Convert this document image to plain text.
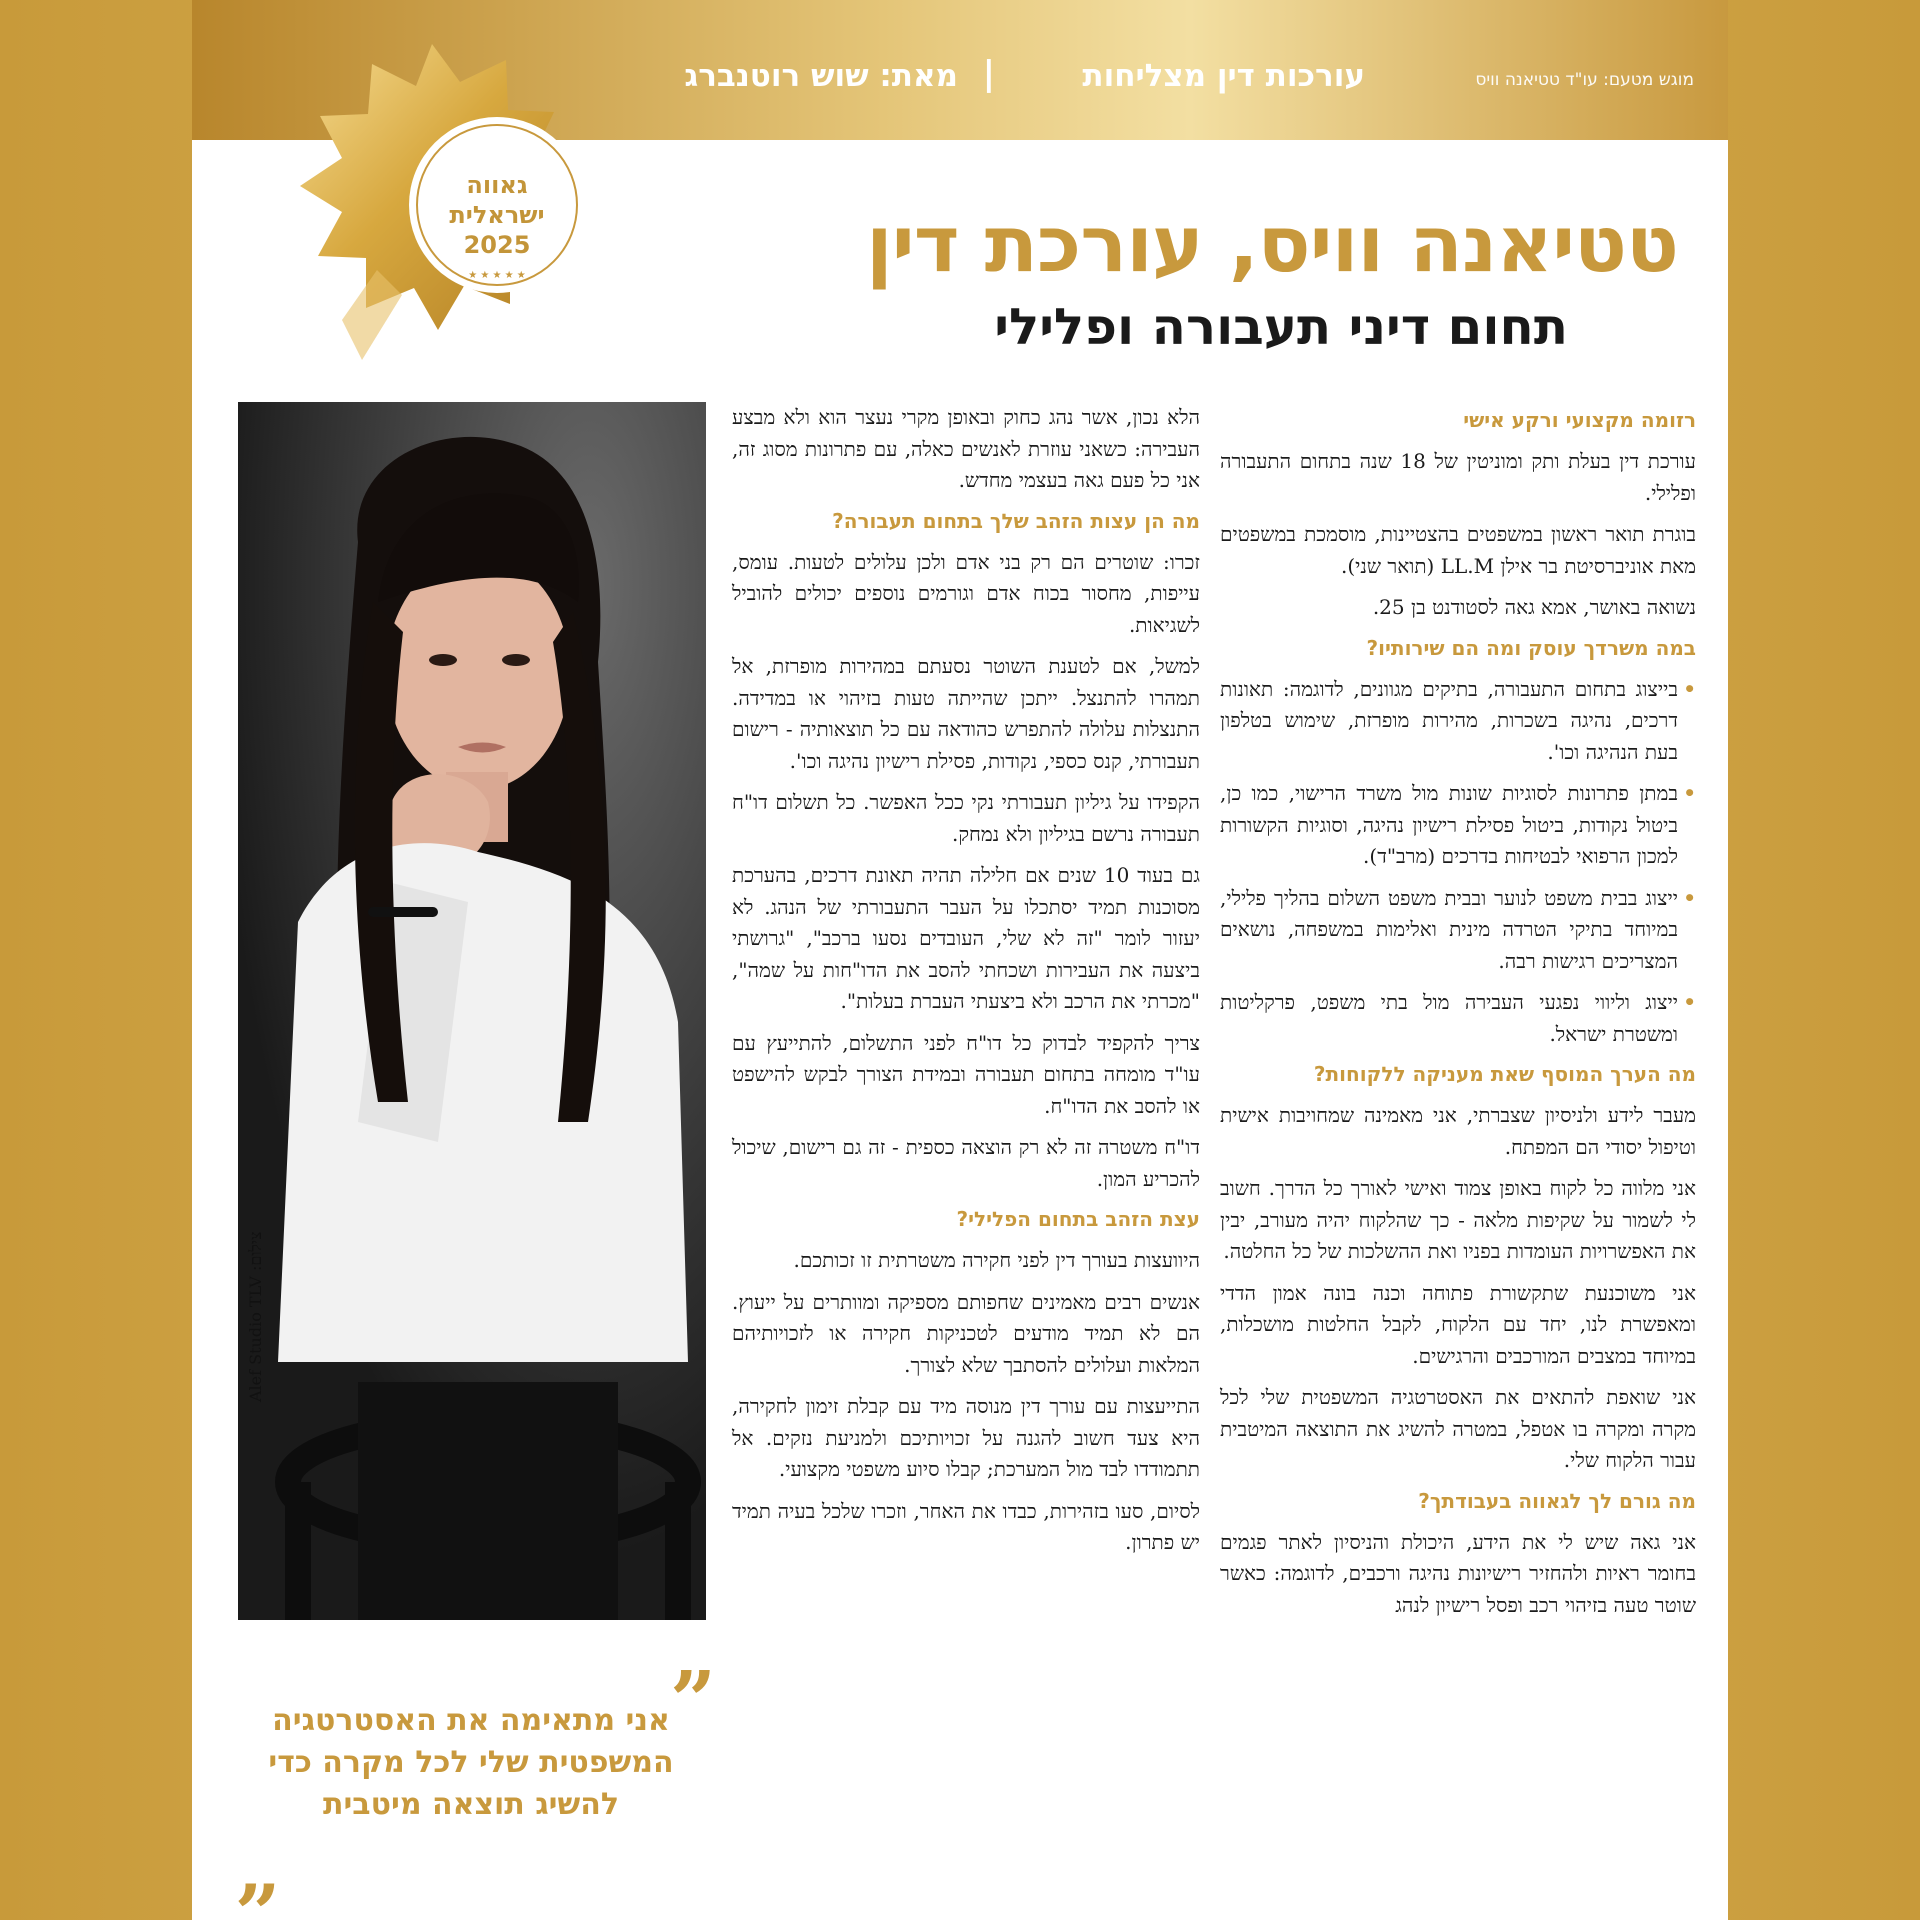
מוגש מטעם: עו"ד טטיאנה וויס
עורכות דין מצליחות
|
מאת: שוש רוטנברג
★ ★ ★ ★ ★
גאווה
ישראלית
2025	טטיאנה וויס, עורכת דין
תחום דיני תעבורה ופלילי
צילום: Alef Studio TLV
”
אני מתאימה את האסטרטגיה המשפטית שלי לכל מקרה כדי להשיג תוצאה מיטבית
„
רזומה מקצועי ורקע אישי

עורכת דין בעלת ותק ומוניטין של 18 שנה בתחום התעבורה ופלילי.

בוגרת תואר ראשון במשפטים בהצטיינות, מוסמכת במשפטים מאת אוניברסיטת בר אילן LL.M (תואר שני).

נשואה באושר, אמא גאה לסטודנט בן 25.

במה משרדך עוסק ומה הם שירותיו?
• בייצוג בתחום התעבורה, בתיקים מגוונים, לדוגמה: תאונות דרכים, נהיגה בשכרות, מהירות מופרזת, שימוש בטלפון בעת הנהיגה וכו'.
• במתן פתרונות לסוגיות שונות מול משרד הרישוי, כמו כן, ביטול נקודות, ביטול פסילת רישיון נהיגה, וסוגיות הקשורות למכון הרפואי לבטיחות בדרכים (מרב"ד).
• ייצוג בבית משפט לנוער ובבית משפט השלום בהליך פלילי, במיוחד בתיקי הטרדה מינית ואלימות במשפחה, נושאים המצריכים רגישות רבה.
• ייצוג וליווי נפגעי העבירה מול בתי משפט, פרקליטות ומשטרת ישראל.
מה הערך המוסף שאת מעניקה ללקוחות?

מעבר לידע ולניסיון שצברתי, אני מאמינה שמחויבות אישית וטיפול יסודי הם המפתח.

אני מלווה כל לקוח באופן צמוד ואישי לאורך כל הדרך. חשוב לי לשמור על שקיפות מלאה - כך שהלקוח יהיה מעורב, יבין את האפשרויות העומדות בפניו ואת ההשלכות של כל החלטה.

אני משוכנעת שתקשורת פתוחה וכנה בונה אמון הדדי ומאפשרת לנו, יחד עם הלקוח, לקבל החלטות מושכלות, במיוחד במצבים המורכבים והרגישים.

אני שואפת להתאים את האסטרטגיה המשפטית שלי לכל מקרה ומקרה בו אטפל, במטרה להשיג את התוצאה המיטבית עבור הלקוח שלי.

מה גורם לך לגאווה בעבודתך?

אני גאה שיש לי את הידע, היכולת והניסיון לאתר פגמים בחומר ראיות ולהחזיר רישיונות נהיגה ורכבים, לדוגמה: כאשר שוטר טעה בזיהוי רכב ופסל רישיון לנהג

הלא נכון, אשר נהג כחוק ובאופן מקרי נעצר הוא ולא מבצע העבירה: כשאני עוזרת לאנשים כאלה, עם פתרונות מסוג זה, אני כל פעם גאה בעצמי מחדש.

מה הן עצות הזהב שלך בתחום תעבורה?

זכרו: שוטרים הם רק בני אדם ולכן עלולים לטעות. עומס, עייפות, מחסור בכוח אדם וגורמים נוספים יכולים להוביל לשגיאות.

למשל, אם לטענת השוטר נסעתם במהירות מופרזת, אל תמהרו להתנצל. ייתכן שהייתה טעות בזיהוי או במדידה. התנצלות עלולה להתפרש כהודאה עם כל תוצאותיה - רישום תעבורתי, קנס כספי, נקודות, פסילת רישיון נהיגה וכו'.

הקפידו על גיליון תעבורתי נקי ככל האפשר. כל תשלום דו"ח תעבורה נרשם בגיליון ולא נמחק.

גם בעוד 10 שנים אם חלילה תהיה תאונת דרכים, בהערכת מסוכנות תמיד יסתכלו על העבר התעבורתי של הנהג. לא יעזור לומר "זה לא שלי, העובדים נסעו ברכב", "גרושתי ביצעה את העבירות ושכחתי להסב את הדו"חות על שמה", "מכרתי את הרכב ולא ביצעתי העברת בעלות".

צריך להקפיד לבדוק כל דו"ח לפני התשלום, להתייעץ עם עו"ד מומחה בתחום תעבורה ובמידת הצורך לבקש להישפט או להסב את הדו"ח.

דו"ח משטרה זה לא רק הוצאה כספית - זה גם רישום, שיכול להכריע המון.

עצת הזהב בתחום הפלילי?

היוועצות בעורך דין לפני חקירה משטרתית זו זכותכם.

אנשים רבים מאמינים שחפותם מספיקה ומוותרים על ייעוץ. הם לא תמיד מודעים לטכניקות חקירה או לזכויותיהם המלאות ועלולים להסתבך שלא לצורך.

התייעצות עם עורך דין מנוסה מיד עם קבלת זימון לחקירה, היא צעד חשוב להגנה על זכויותיכם ולמניעת נזקים. אל תתמודדו לבד מול המערכת; קבלו סיוע משפטי מקצועי.

לסיום, סעו בזהירות, כבדו את האחר, וזכרו שלכל בעיה תמיד יש פתרון.
